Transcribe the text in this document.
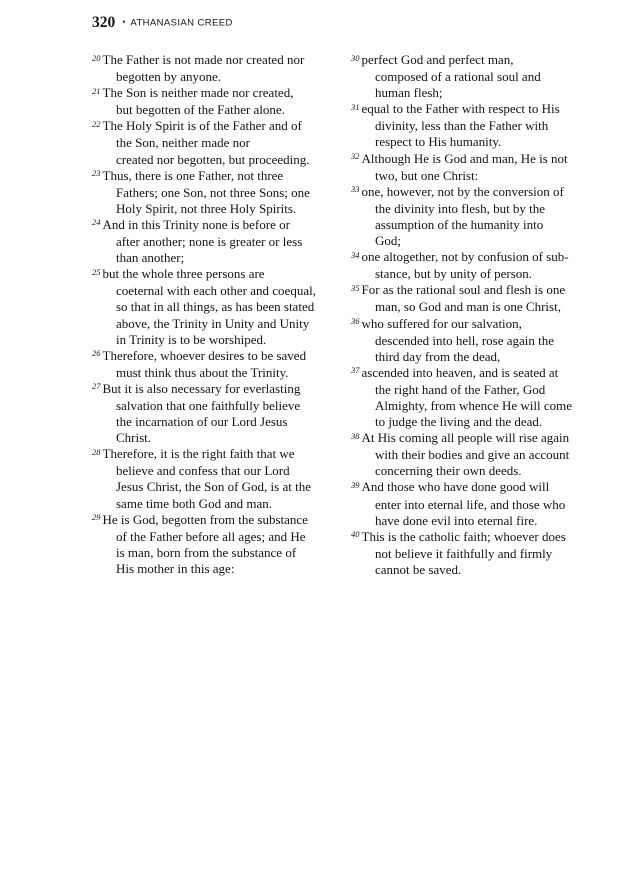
320 • ATHANASIAN CREED
$^{20}$ The Father is not made nor created nor
begotten by anyone.
$^{21}$ The Son is neither made nor created,
but begotten of the Father alone.
$^{22}$ The Holy Spirit is of the Father and of
the Son, neither made nor
created nor begotten, but proceeding.
$^{23}$ Thus, there is one Father, not three
Fathers; one Son, not three Sons; one
Holy Spirit, not three Holy Spirits.
$^{24}$ And in this Trinity none is before or
after another; none is greater or less
than another;
$^{25}$ but the whole three persons are
coeternal with each other and coequal,
so that in all things, as has been stated
above, the Trinity in Unity and Unity
in Trinity is to be worshiped.
$^{26}$ Therefore, whoever desires to be saved
must think thus about the Trinity.
$^{27}$ But it is also necessary for everlasting
salvation that one faithfully believe
the incarnation of our Lord Jesus
Christ.
$^{28}$ Therefore, it is the right faith that we
believe and confess that our Lord
Jesus Christ, the Son of God, is at the
same time both God and man.
$^{29}$ He is God, begotten from the substance
of the Father before all ages; and He
is man, born from the substance of
His mother in this age:
$^{30}$ perfect God and perfect man,
composed of a rational soul and
human flesh;
$^{31}$ equal to the Father with respect to His
divinity, less than the Father with
respect to His humanity.
$^{32}$ Although He is God and man, He is not
two, but one Christ:
$^{33}$ one, however, not by the conversion of
the divinity into flesh, but by the
assumption of the humanity into
God;
$^{34}$ one altogether, not by confusion of sub-
stance, but by unity of person.
$^{35}$ For as the rational soul and flesh is one
man, so God and man is one Christ,
$^{36}$ who suffered for our salvation,
descended into hell, rose again the
third day from the dead,
$^{37}$ ascended into heaven, and is seated at
the right hand of the Father, God
Almighty, from whence He will come
to judge the living and the dead.
$^{38}$ At His coming all people will rise again
with their bodies and give an account
concerning their own deeds.
$^{39}$ And those who have done good will
enter into eternal life, and those who
have done evil into eternal fire.
$^{40}$ This is the catholic faith; whoever does
not believe it faithfully and firmly
cannot be saved.
